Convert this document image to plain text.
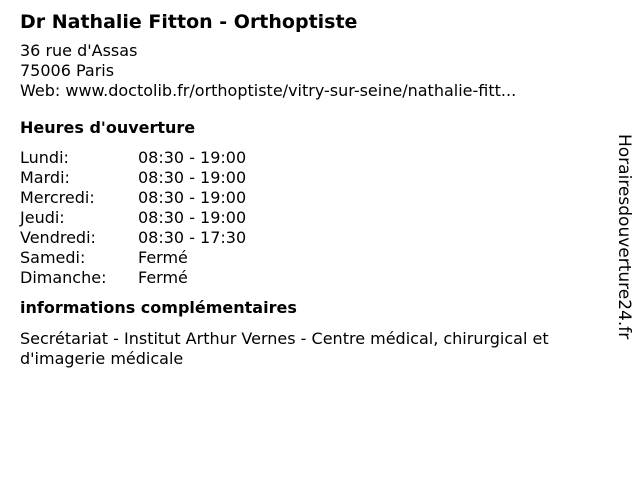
Dr Nathalie Fitton - Orthoptiste
36 rue d'Assas
75006 Paris
Web: www.doctolib.fr/orthoptiste/vitry-sur-seine/nathalie-fitt...
Heures d'ouverture
Lundi:	08:30 - 19:00
Mardi:	08:30 - 19:00
Mercredi:	08:30 - 19:00
Jeudi:	08:30 - 19:00
Vendredi:	08:30 - 17:30
Samedi:	Fermé
Dimanche:	Fermé
informations complémentaires
Secrétariat - Institut Arthur Vernes - Centre médical, chirurgical et d'imagerie médicale
Horairesdouverture24.fr
